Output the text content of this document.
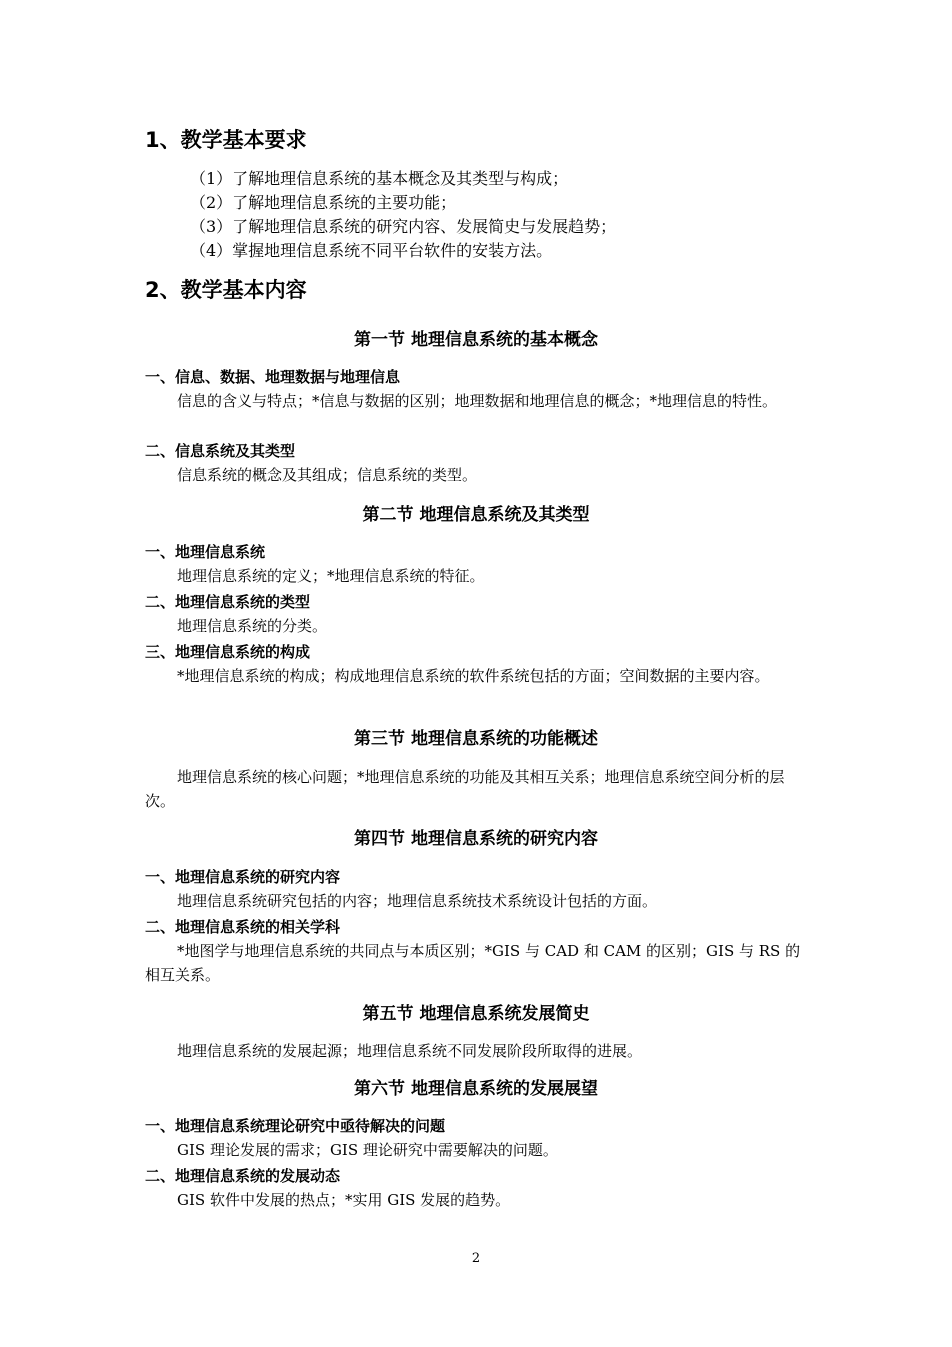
1、教学基本要求
（1）了解地理信息系统的基本概念及其类型与构成；
（2）了解地理信息系统的主要功能；
（3）了解地理信息系统的研究内容、发展简史与发展趋势；
（4）掌握地理信息系统不同平台软件的安装方法。
2、教学基本内容
第一节 地理信息系统的基本概念
一、信息、数据、地理数据与地理信息
信息的含义与特点；*信息与数据的区别；地理数据和地理信息的概念；*地理信息的特性。
二、信息系统及其类型
信息系统的概念及其组成；信息系统的类型。
第二节 地理信息系统及其类型
一、地理信息系统
地理信息系统的定义；*地理信息系统的特征。
二、地理信息系统的类型
地理信息系统的分类。
三、地理信息系统的构成
*地理信息系统的构成；构成地理信息系统的软件系统包括的方面；空间数据的主要内容。
第三节 地理信息系统的功能概述
地理信息系统的核心问题；*地理信息系统的功能及其相互关系；地理信息系统空间分析的层次。
第四节 地理信息系统的研究内容
一、地理信息系统的研究内容
地理信息系统研究包括的内容；地理信息系统技术系统设计包括的方面。
二、地理信息系统的相关学科
*地图学与地理信息系统的共同点与本质区别；*GIS 与 CAD 和 CAM 的区别；GIS 与 RS 的相互关系。
第五节 地理信息系统发展简史
地理信息系统的发展起源；地理信息系统不同发展阶段所取得的进展。
第六节 地理信息系统的发展展望
一、地理信息系统理论研究中亟待解决的问题
GIS 理论发展的需求；GIS 理论研究中需要解决的问题。
二、地理信息系统的发展动态
GIS 软件中发展的热点；*实用 GIS 发展的趋势。
2
